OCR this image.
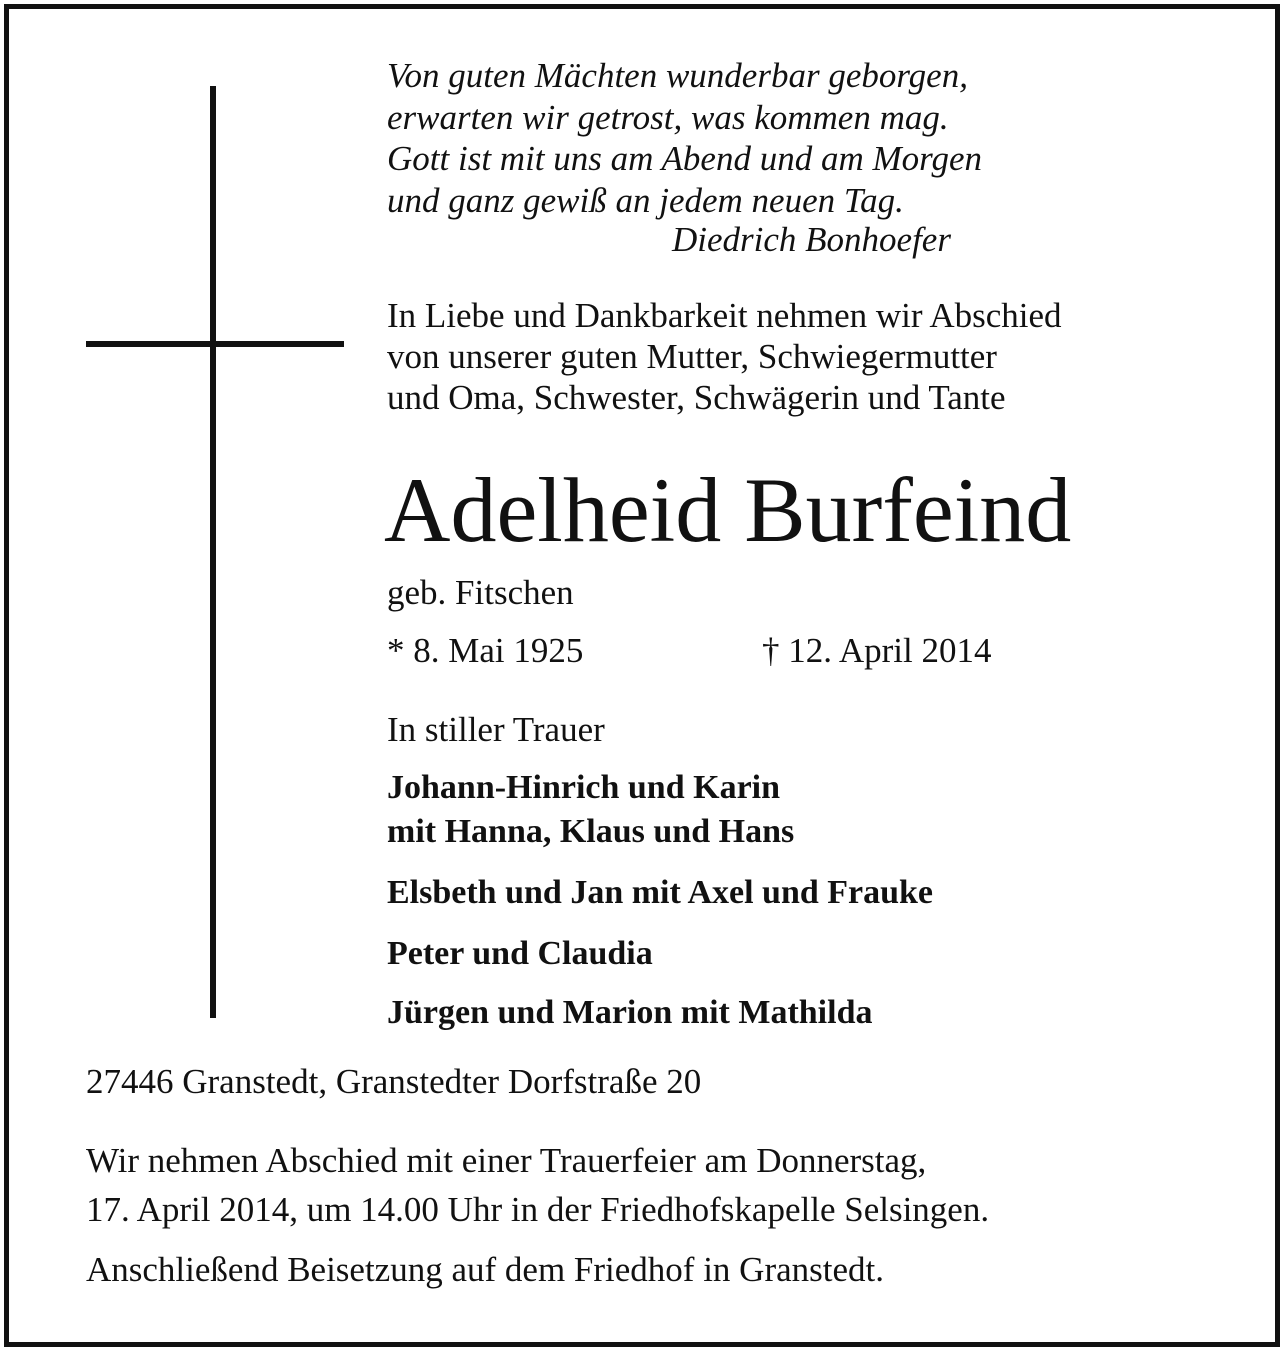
Von guten Mächten wunderbar geborgen,
erwarten wir getrost, was kommen mag.
Gott ist mit uns am Abend und am Morgen
und ganz gewiß an jedem neuen Tag.
Diedrich Bonhoefer
In Liebe und Dankbarkeit nehmen wir Abschied
von unserer guten Mutter, Schwiegermutter
und Oma, Schwester, Schwägerin und Tante
Adelheid Burfeind
geb. Fitschen
* 8. Mai 1925	† 12. April 2014
In stiller Trauer
Johann-Hinrich und Karin
mit Hanna, Klaus und Hans
Elsbeth und Jan mit Axel und Frauke
Peter und Claudia
Jürgen und Marion mit Mathilda
27446 Granstedt, Granstedter Dorfstraße 20
Wir nehmen Abschied mit einer Trauerfeier am Donnerstag,
17. April 2014, um 14.00 Uhr in der Friedhofskapelle Selsingen.
Anschließend Beisetzung auf dem Friedhof in Granstedt.
